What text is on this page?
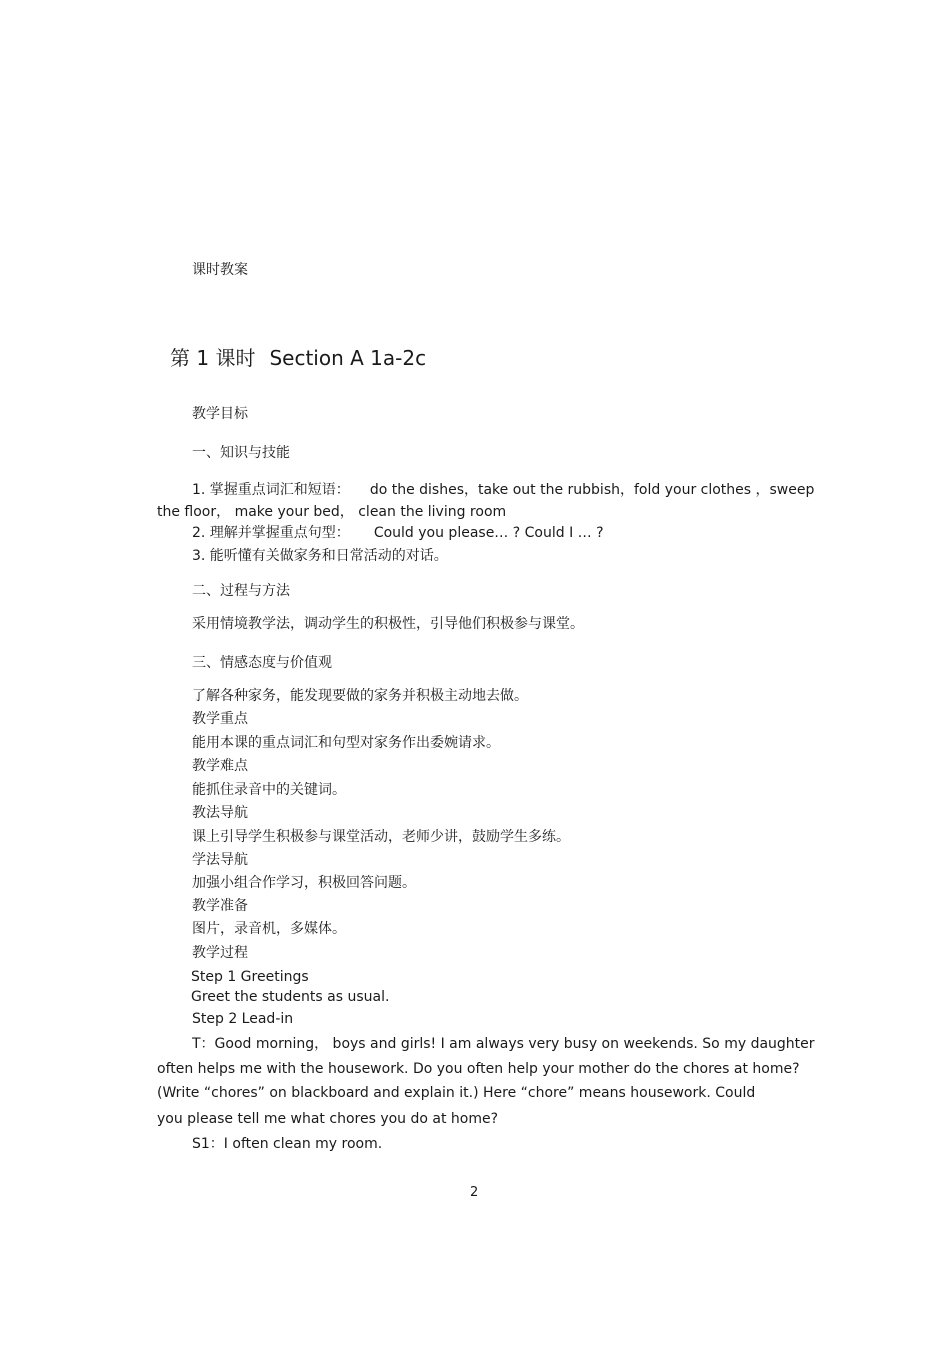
课时教案
第 1 课时 Section A 1a-2c
教学目标
一、知识与技能
1. 掌握重点词汇和短语： do the dishes，take out the rubbish，fold your clothes ，sweep
the floor， make your bed， clean the living room
2. 理解并掌握重点句型： Could you please… ? Could I … ?
3. 能听懂有关做家务和日常活动的对话。
二、过程与方法
采用情境教学法，调动学生的积极性，引导他们积极参与课堂。
三、情感态度与价值观
了解各种家务，能发现要做的家务并积极主动地去做。
教学重点
能用本课的重点词汇和句型对家务作出委婉请求。
教学难点
能抓住录音中的关键词。
教法导航
课上引导学生积极参与课堂活动，老师少讲，鼓励学生多练。
学法导航
加强小组合作学习，积极回答问题。
教学准备
图片，录音机，多媒体。
教学过程
Step 1 Greetings
Greet the students as usual.
Step 2 Lead-in
T：Good morning， boys and girls! I am always very busy on weekends. So my daughter
often helps me with the housework. Do you often help your mother do the chores at home?
(Write “chores” on blackboard and explain it.) Here “chore” means housework. Could
you please tell me what chores you do at home?
S1：I often clean my room.
2
